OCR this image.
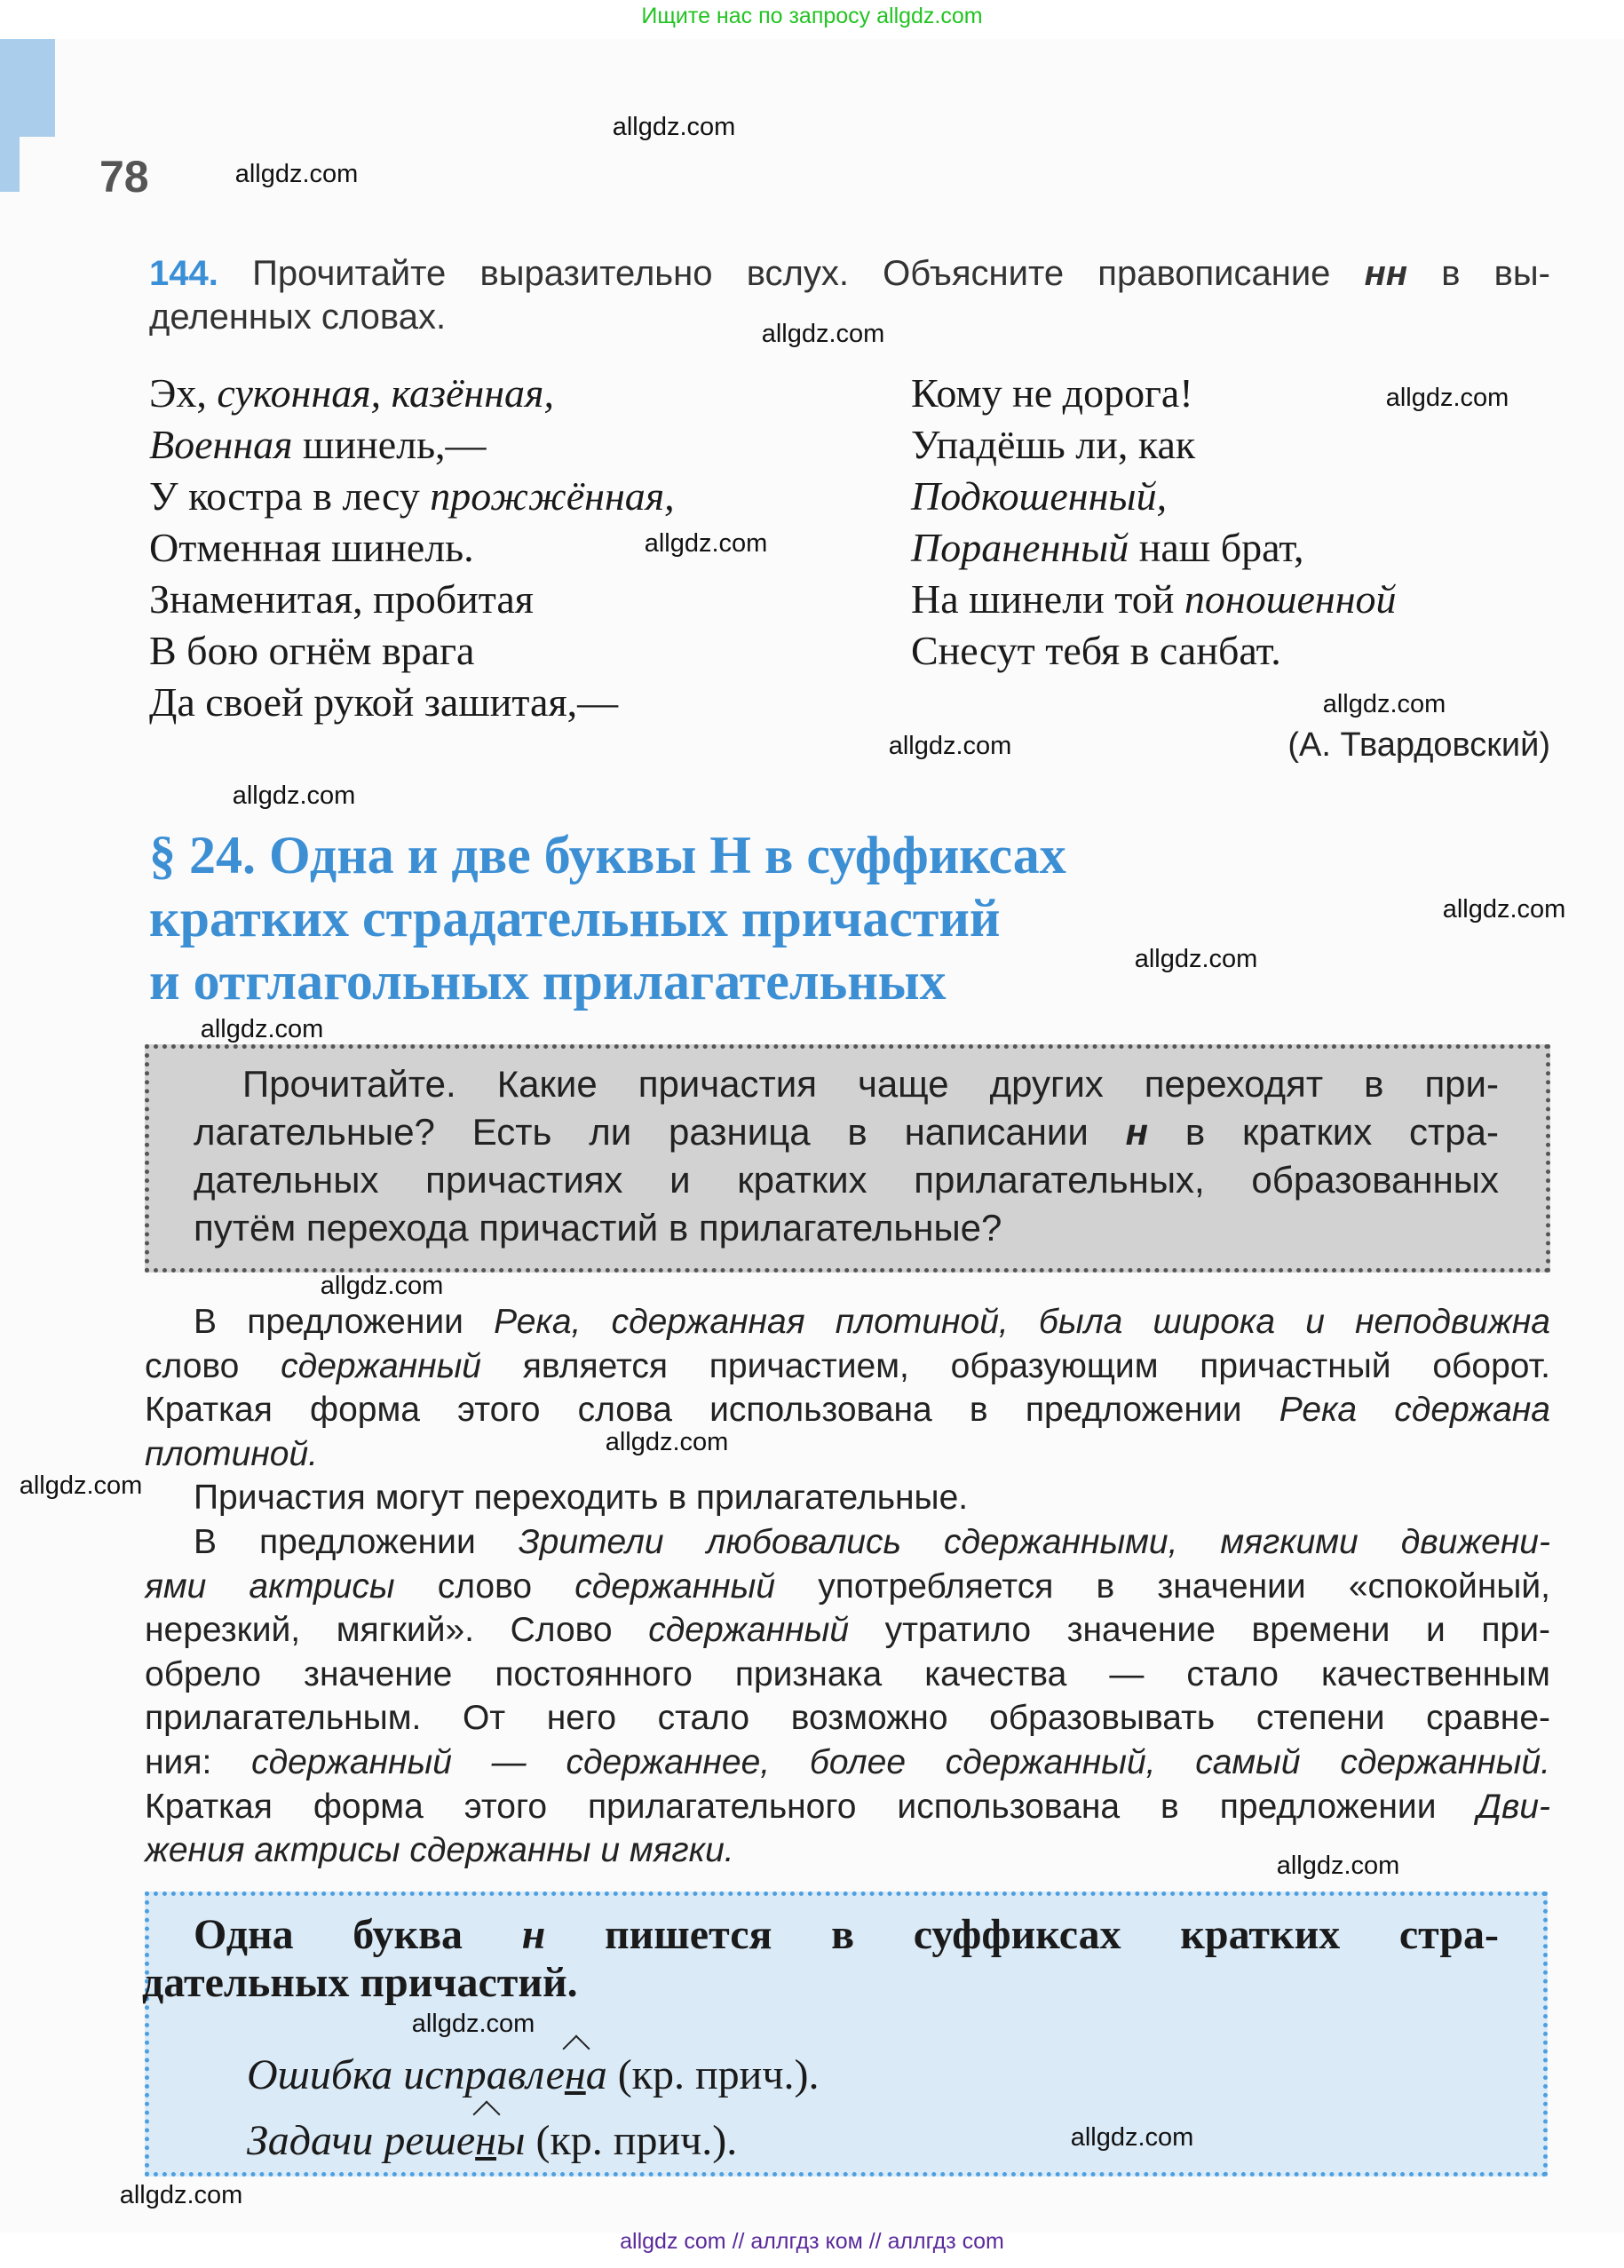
Ищите нас по запросу allgdz.com
78
144. Прочитайте выразительно вслух. Объясните правописание нн в вы-
деленных словах.
Эх, суконная, казённая,
Военная шинель,—
У костра в лесу прожжённая,
Отменная шинель.
Знаменитая, пробитая
В бою огнём врага
Да своей рукой зашитая,—
Кому не дорога!
Упадёшь ли, как
Подкошенный,
Пораненный наш брат,
На шинели той поношенной
Снесут тебя в санбат.
(А. Твардовский)
§ 24. Одна и две буквы Н в суффиксах
кратких страдательных причастий
и отглагольных прилагательных
Прочитайте. Какие причастия чаще других переходят в при-
лагательные? Есть ли разница в написании н в кратких стра-
дательных причастиях и кратких прилагательных, образованных
путём перехода причастий в прилагательные?
В предложении Река, сдержанная плотиной, была широка и неподвижна
слово сдержанный является причастием, образующим причастный оборот.
Краткая форма этого слова использована в предложении Река сдержана
плотиной.
Причастия могут переходить в прилагательные.
В предложении Зрители любовались сдержанными, мягкими движени-
ями актрисы слово сдержанный употребляется в значении «спокойный,
нерезкий, мягкий». Слово сдержанный утратило значение времени и при-
обрело значение постоянного признака качества — стало качественным
прилагательным. От него стало возможно образовывать степени сравне-
ния: сдержанный — сдержаннее, более сдержанный, самый сдержанный.
Краткая форма этого прилагательного использована в предложении Дви-
жения актрисы сдержанны и мягки.
Одна буква н пишется в суффиксах кратких стра-
дательных причастий.
Ошибка исправлена (кр. прич.).
Задачи решены (кр. прич.).
allgdz com // аллгдз ком // аллгдз com
allgdz.com
allgdz.com
allgdz.com
allgdz.com
allgdz.com
allgdz.com
allgdz.com
allgdz.com
allgdz.com
allgdz.com
allgdz.com
allgdz.com
allgdz.com
allgdz.com
allgdz.com
allgdz.com
allgdz.com
allgdz.com
